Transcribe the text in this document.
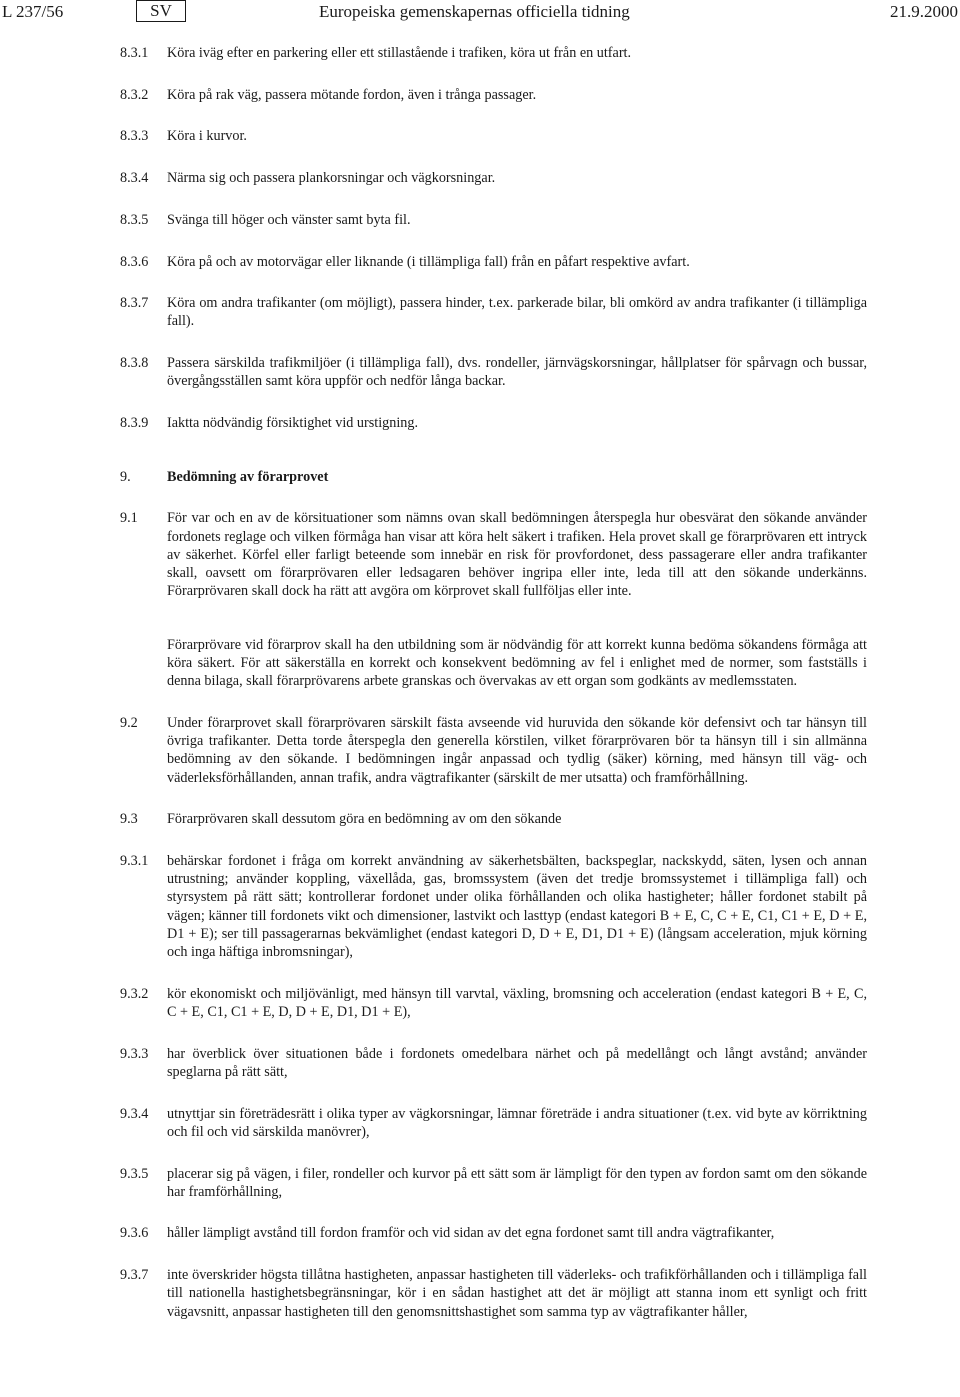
L 237/56	SV	Europeiska gemenskapernas officiella tidning	21.9.2000
8.3.1 Köra iväg efter en parkering eller ett stillastående i trafiken, köra ut från en utfart.
8.3.2 Köra på rak väg, passera mötande fordon, även i trånga passager.
8.3.3 Köra i kurvor.
8.3.4 Närma sig och passera plankorsningar och vägkorsningar.
8.3.5 Svänga till höger och vänster samt byta fil.
8.3.6 Köra på och av motorvägar eller liknande (i tillämpliga fall) från en påfart respektive avfart.
8.3.7 Köra om andra trafikanter (om möjligt), passera hinder, t.ex. parkerade bilar, bli omkörd av andra trafikanter (i tillämpliga fall).
8.3.8 Passera särskilda trafikmiljöer (i tillämpliga fall), dvs. rondeller, järnvägskorsningar, hållplatser för spårvagn och bussar, övergångsställen samt köra uppför och nedför långa backar.
8.3.9 Iaktta nödvändig försiktighet vid urstigning.
9.	Bedömning av förarprovet
9.1 För var och en av de körsituationer som nämns ovan skall bedömningen återspegla hur obesvärat den sökande använder fordonets reglage och vilken förmåga han visar att köra helt säkert i trafiken. Hela provet skall ge förarprövaren ett intryck av säkerhet. Körfel eller farligt beteende som innebär en risk för provfordonet, dess passagerare eller andra trafikanter skall, oavsett om förarprövaren eller ledsagaren behöver ingripa eller inte, leda till att den sökande underkänns. Förarprövaren skall dock ha rätt att avgöra om körprovet skall fullföljas eller inte.
Förarprövare vid förarprov skall ha den utbildning som är nödvändig för att korrekt kunna bedöma sökandens förmåga att köra säkert. För att säkerställa en korrekt och konsekvent bedömning av fel i enlighet med de normer, som fastställs i denna bilaga, skall förarprövarens arbete granskas och övervakas av ett organ som godkänts av medlemsstaten.
9.2 Under förarprovet skall förarprövaren särskilt fästa avseende vid huruvida den sökande kör defensivt och tar hänsyn till övriga trafikanter. Detta torde återspegla den generella körstilen, vilket förarprövaren bör ta hänsyn till i sin allmänna bedömning av den sökande. I bedömningen ingår anpassad och tydlig (säker) körning, med hänsyn till väg- och väderleksförhållanden, annan trafik, andra vägtrafikanter (särskilt de mer utsatta) och framförhållning.
9.3 Förarprövaren skall dessutom göra en bedömning av om den sökande
9.3.1 behärskar fordonet i fråga om korrekt användning av säkerhetsbälten, backspeglar, nackskydd, säten, lysen och annan utrustning; använder koppling, växellåda, gas, bromssystem (även det tredje bromssystemet i tillämpliga fall) och styrsystem på rätt sätt; kontrollerar fordonet under olika förhållanden och olika hastigheter; håller fordonet stabilt på vägen; känner till fordonets vikt och dimensioner, lastvikt och lasttyp (endast kategori B + E, C, C + E, C1, C1 + E, D + E, D1 + E); ser till passagerarnas bekvämlighet (endast kategori D, D + E, D1, D1 + E) (långsam acceleration, mjuk körning och inga häftiga inbromsningar),
9.3.2 kör ekonomiskt och miljövänligt, med hänsyn till varvtal, växling, bromsning och acceleration (endast kategori B + E, C, C + E, C1, C1 + E, D, D + E, D1, D1 + E),
9.3.3 har överblick över situationen både i fordonets omedelbara närhet och på medellångt och långt avstånd; använder speglarna på rätt sätt,
9.3.4 utnyttjar sin företrädesrätt i olika typer av vägkorsningar, lämnar företräde i andra situationer (t.ex. vid byte av körriktning och fil och vid särskilda manövrer),
9.3.5 placerar sig på vägen, i filer, rondeller och kurvor på ett sätt som är lämpligt för den typen av fordon samt om den sökande har framförhållning,
9.3.6 håller lämpligt avstånd till fordon framför och vid sidan av det egna fordonet samt till andra vägtrafikanter,
9.3.7 inte överskrider högsta tillåtna hastigheten, anpassar hastigheten till väderleks- och trafikförhållanden och i tillämpliga fall till nationella hastighetsbegränsningar, kör i en sådan hastighet att det är möjligt att stanna inom ett synligt och fritt vägavsnitt, anpassar hastigheten till den genomsnittshastighet som samma typ av vägtrafikanter håller,
